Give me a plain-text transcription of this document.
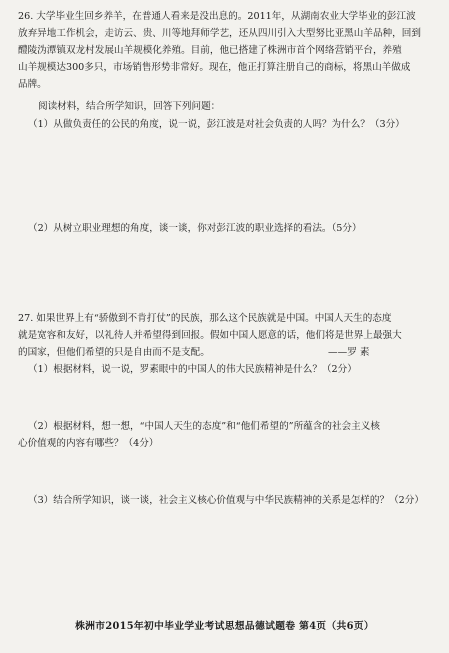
26. 大学毕业生回乡养羊，在普通人看来是没出息的。2011年，从湖南农业大学毕业的彭江波
放弃异地工作机会，走访云、贵、川等地拜师学艺，还从四川引入大型努比亚黑山羊品种，回到
醴陵沩潭镇双龙村发展山羊规模化养殖。目前，他已搭建了株洲市首个网络营销平台，养殖
山羊规模达300多只，市场销售形势非常好。现在，他正打算注册自己的商标，将黑山羊做成
品牌。
阅读材料，结合所学知识，回答下列问题：
（1）从做负责任的公民的角度，说一说，彭江波是对社会负责的人吗？为什么？（3分）
（2）从树立职业理想的角度，谈一谈，你对彭江波的职业选择的看法。（5分）
27. 如果世界上有“骄傲到不肯打仗”的民族，那么这个民族就是中国。中国人天生的态度
就是宽容和友好，以礼待人并希望得到回报。假如中国人愿意的话，他们将是世界上最强大
的国家，但他们希望的只是自由而不是支配。	——罗 素
（1）根据材料，说一说，罗素眼中的中国人的伟大民族精神是什么？（2分）
（2）根据材料，想一想，“中国人天生的态度”和“他们希望的”所蕴含的社会主义核
心价值观的内容有哪些？（4分）
（3）结合所学知识，谈一谈，社会主义核心价值观与中华民族精神的关系是怎样的？（2分）
株洲市2015年初中毕业学业考试思想品德试题卷 第4页（共6页）
